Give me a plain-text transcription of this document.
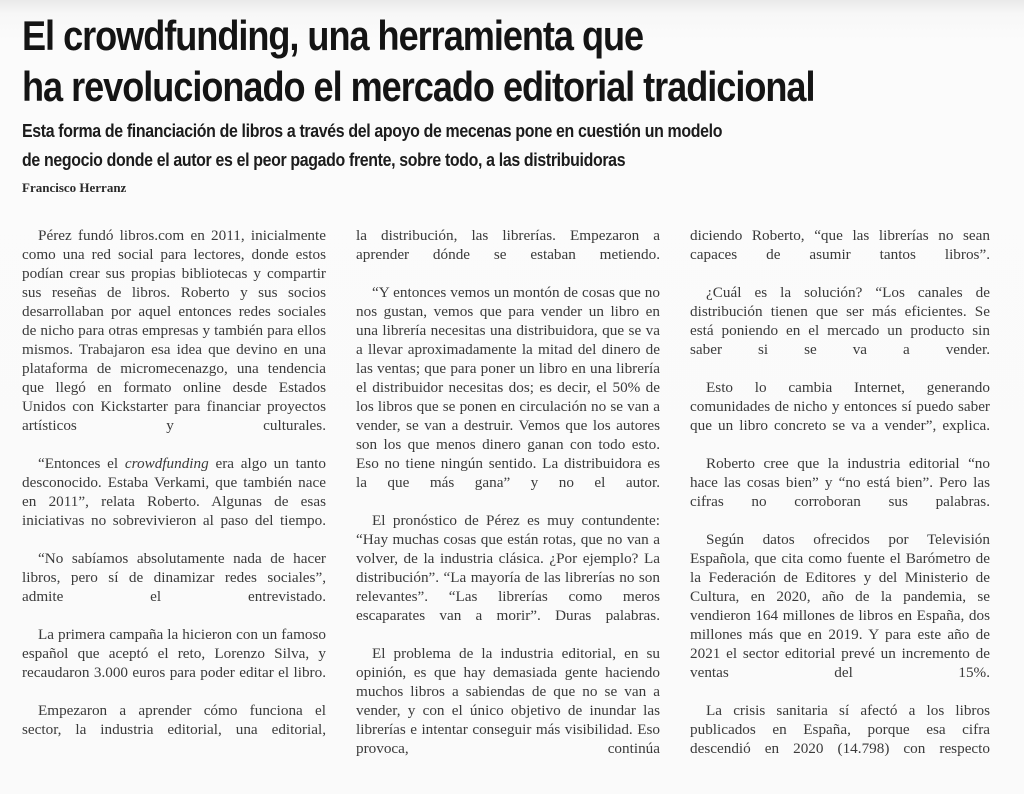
El crowdfunding, una herramienta que
ha revolucionado el mercado editorial tradicional
Esta forma de financiación de libros a través del apoyo de mecenas pone en cuestión un modelo
de negocio donde el autor es el peor pagado frente, sobre todo, a las distribuidoras
Francisco Herranz

Pérez fundó libros.com en 2011, inicialmente como una red social para lectores, donde estos podían crear sus propias bibliotecas y compartir sus reseñas de libros. Roberto y sus socios desarrollaban por aquel entonces redes sociales de nicho para otras empresas y también para ellos mismos. Trabajaron esa idea que devino en una plataforma de micromecenazgo, una tendencia que llegó en formato online desde Estados Unidos con Kickstarter para financiar proyectos artísticos y culturales.

“Entonces el crowdfunding era algo un tanto desconocido. Estaba Verkami, que también nace en 2011”, relata Roberto. Algunas de esas iniciativas no sobrevivieron al paso del tiempo.

“No sabíamos absolutamente nada de hacer libros, pero sí de dinamizar redes sociales”, admite el entrevistado.

La primera campaña la hicieron con un famoso español que aceptó el reto, Lorenzo Silva, y recaudaron 3.000 euros para poder editar el libro.

Empezaron a aprender cómo funciona el sector, la industria editorial, una editorial,

la distribución, las librerías. Empezaron a aprender dónde se estaban metiendo.

“Y entonces vemos un montón de cosas que no nos gustan, vemos que para vender un libro en una librería necesitas una distribuidora, que se va a llevar aproximadamente la mitad del dinero de las ventas; que para poner un libro en una librería el distribuidor necesitas dos; es decir, el 50% de los libros que se ponen en circulación no se van a vender, se van a destruir. Vemos que los autores son los que menos dinero ganan con todo esto. Eso no tiene ningún sentido. La distribuidora es la que más gana” y no el autor.

El pronóstico de Pérez es muy contundente: “Hay muchas cosas que están rotas, que no van a volver, de la industria clásica. ¿Por ejemplo? La distribución”. “La mayoría de las librerías no son relevantes”. “Las librerías como meros escaparates van a morir”. Duras palabras.

El problema de la industria editorial, en su opinión, es que hay demasiada gente haciendo muchos libros a sabiendas de que no se van a vender, y con el único objetivo de inundar las librerías e intentar conseguir más visibilidad. Eso provoca, continúa

diciendo Roberto, “que las librerías no sean capaces de asumir tantos libros”.

¿Cuál es la solución? “Los canales de distribución tienen que ser más eficientes. Se está poniendo en el mercado un producto sin saber si se va a vender.

Esto lo cambia Internet, generando comunidades de nicho y entonces sí puedo saber que un libro concreto se va a vender”, explica.

Roberto cree que la industria editorial “no hace las cosas bien” y “no está bien”. Pero las cifras no corroboran sus palabras.

Según datos ofrecidos por Televisión Española, que cita como fuente el Barómetro de la Federación de Editores y del Ministerio de Cultura, en 2020, año de la pandemia, se vendieron 164 millones de libros en España, dos millones más que en 2019. Y para este año de 2021 el sector editorial prevé un incremento de ventas del 15%.

La crisis sanitaria sí afectó a los libros publicados en España, porque esa cifra descendió en 2020 (14.798) con respecto
